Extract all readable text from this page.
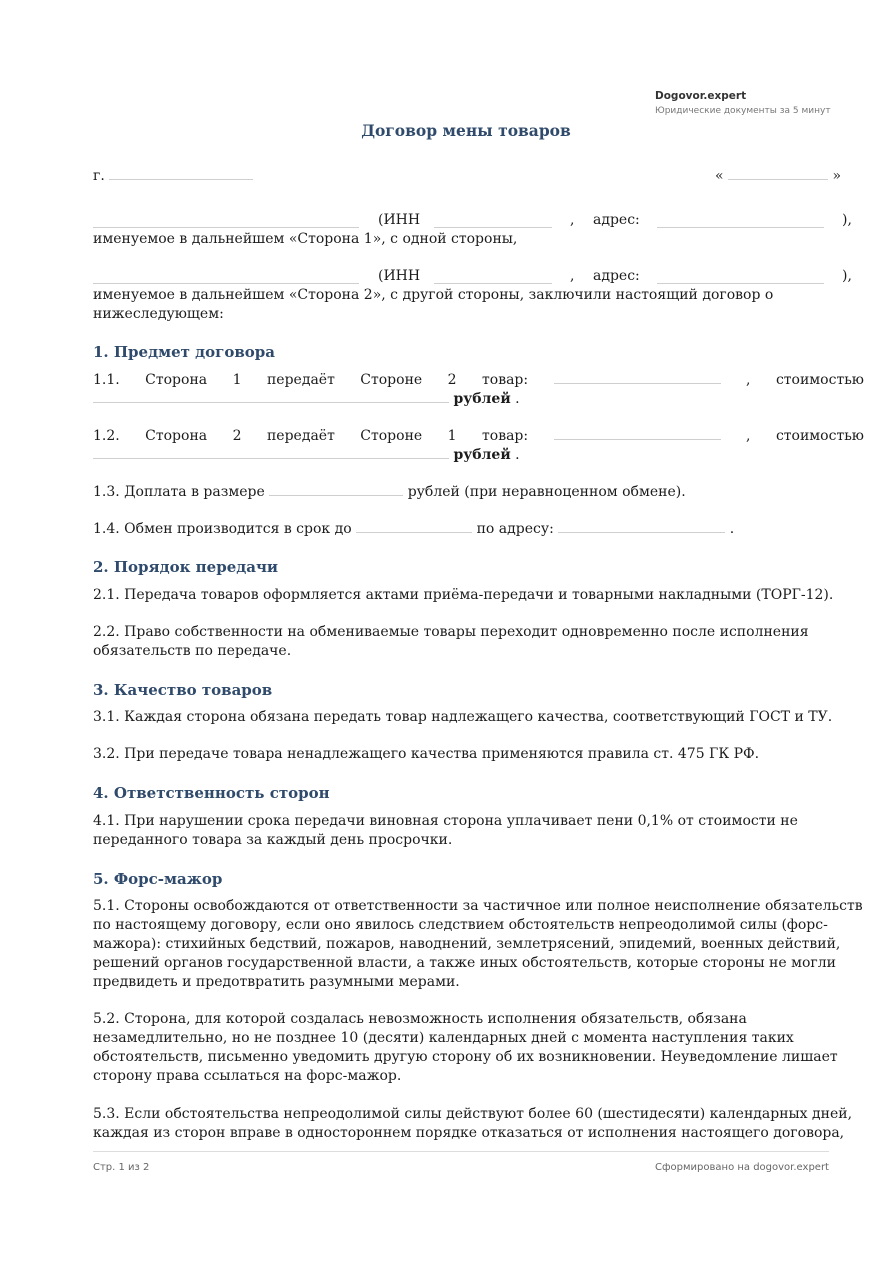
Dogovor.expert
Юридические документы за 5 минут
Договор мены товаров
г.	«	»
(ИНН	, адрес:	),
именуемое в дальнейшем «Сторона 1», с одной стороны,
(ИНН	, адрес:	),
именуемое в дальнейшем «Сторона 2», с другой стороны, заключили настоящий договор о
нижеследующем:
1. Предмет договора
1.1. Сторона 1 передаёт Стороне 2 товар:	, стоимостью
рублей .
1.2. Сторона 2 передаёт Стороне 1 товар:	, стоимостью
рублей .
1.3. Доплата в размере	рублей (при неравноценном обмене).
1.4. Обмен производится в срок до	по адресу:	.
2. Порядок передачи
2.1. Передача товаров оформляется актами приёма-передачи и товарными накладными (ТОРГ-12).
2.2. Право собственности на обмениваемые товары переходит одновременно после исполнения обязательств по передаче.
3. Качество товаров
3.1. Каждая сторона обязана передать товар надлежащего качества, соответствующий ГОСТ и ТУ.
3.2. При передаче товара ненадлежащего качества применяются правила ст. 475 ГК РФ.
4. Ответственность сторон
4.1. При нарушении срока передачи виновная сторона уплачивает пени 0,1% от стоимости не переданного товара за каждый день просрочки.
5. Форс-мажор
5.1. Стороны освобождаются от ответственности за частичное или полное неисполнение обязательств по настоящему договору, если оно явилось следствием обстоятельств непреодолимой силы (форс-мажора): стихийных бедствий, пожаров, наводнений, землетрясений, эпидемий, военных действий, решений органов государственной власти, а также иных обстоятельств, которые стороны не могли предвидеть и предотвратить разумными мерами.
5.2. Сторона, для которой создалась невозможность исполнения обязательств, обязана незамедлительно, но не позднее 10 (десяти) календарных дней с момента наступления таких обстоятельств, письменно уведомить другую сторону об их возникновении. Неуведомление лишает сторону права ссылаться на форс-мажор.
5.3. Если обстоятельства непреодолимой силы действуют более 60 (шестидесяти) календарных дней, каждая из сторон вправе в одностороннем порядке отказаться от исполнения настоящего договора,
Стр. 1 из 2	Сформировано на dogovor.expert
